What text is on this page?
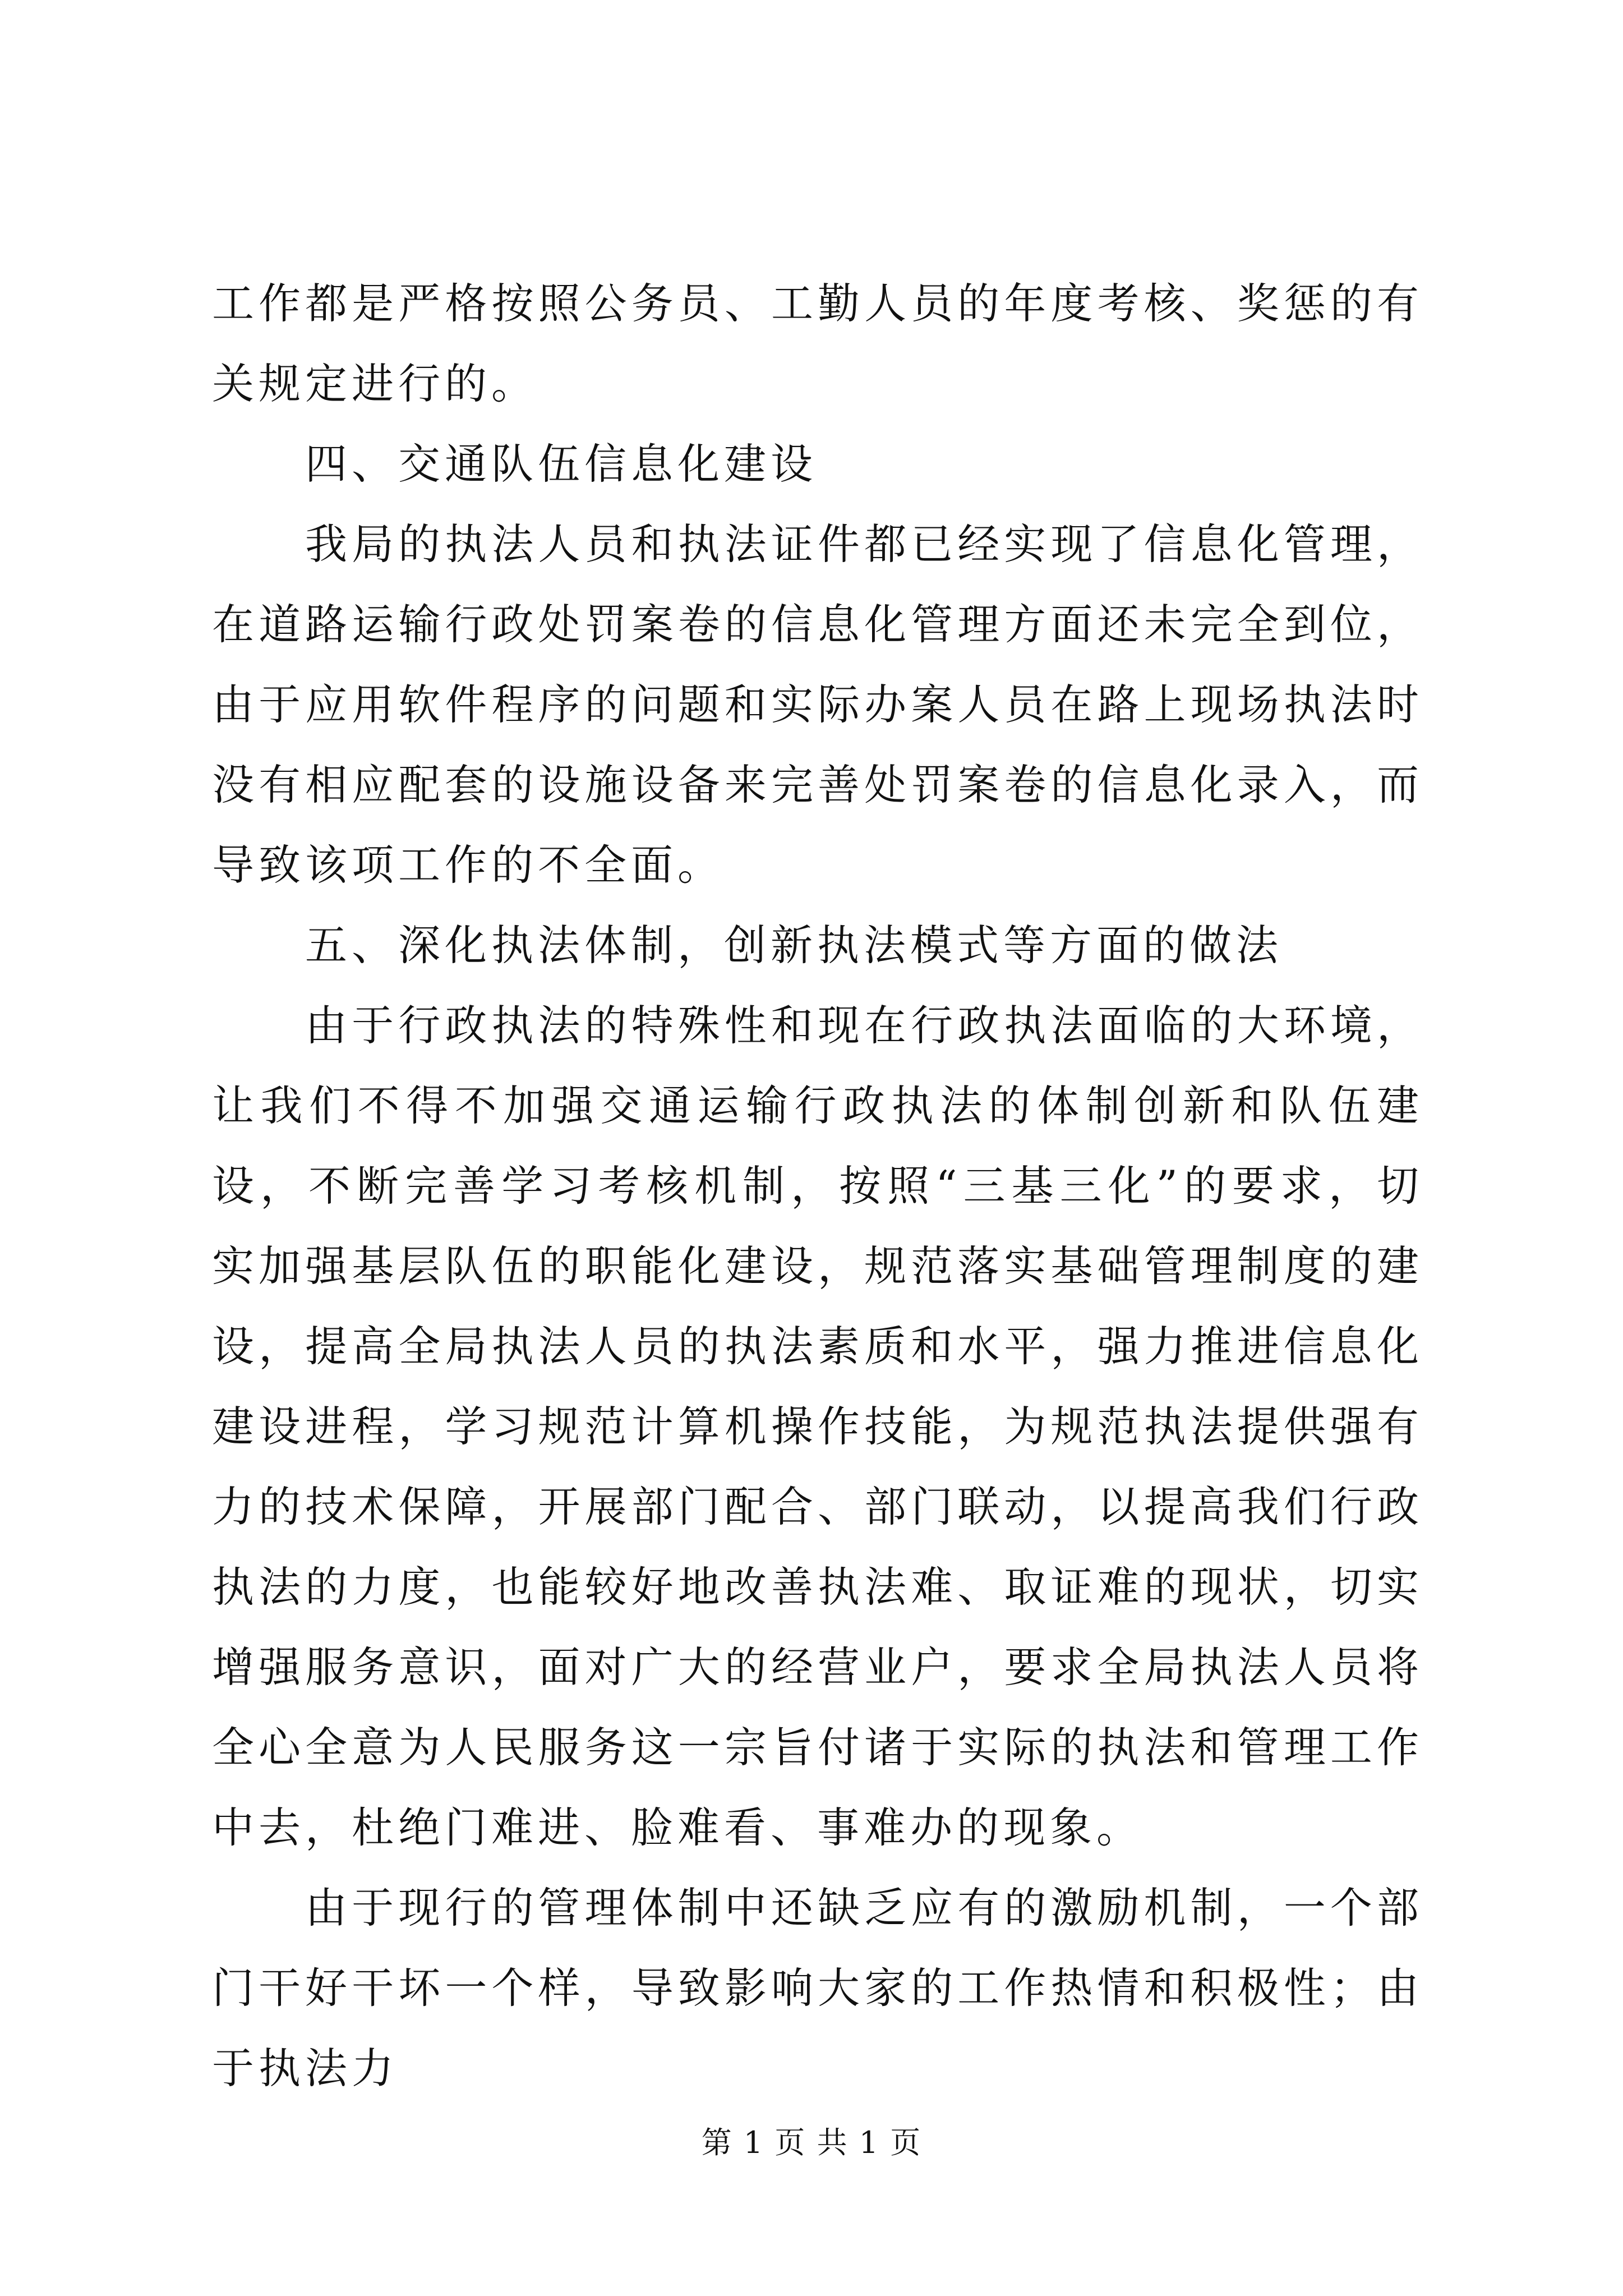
工作都是严格按照公务员、工勤人员的年度考核、奖惩的有关规定进行的。

四、交通队伍信息化建设

我局的执法人员和执法证件都已经实现了信息化管理，在道路运输行政处罚案卷的信息化管理方面还未完全到位，由于应用软件程序的问题和实际办案人员在路上现场执法时没有相应配套的设施设备来完善处罚案卷的信息化录入，而导致该项工作的不全面。

五、深化执法体制，创新执法模式等方面的做法

由于行政执法的特殊性和现在行政执法面临的大环境，让我们不得不加强交通运输行政执法的体制创新和队伍建设，不断完善学习考核机制，按照“三基三化”的要求，切实加强基层队伍的职能化建设，规范落实基础管理制度的建设，提高全局执法人员的执法素质和水平，强力推进信息化建设进程，学习规范计算机操作技能，为规范执法提供强有力的技术保障，开展部门配合、部门联动，以提高我们行政执法的力度，也能较好地改善执法难、取证难的现状，切实增强服务意识，面对广大的经营业户，要求全局执法人员将全心全意为人民服务这一宗旨付诸于实际的执法和管理工作中去，杜绝门难进、脸难看、事难办的现象。

由于现行的管理体制中还缺乏应有的激励机制，一个部门干好干坏一个样，导致影响大家的工作热情和积极性；由于执法力

第 1 页 共 1 页
